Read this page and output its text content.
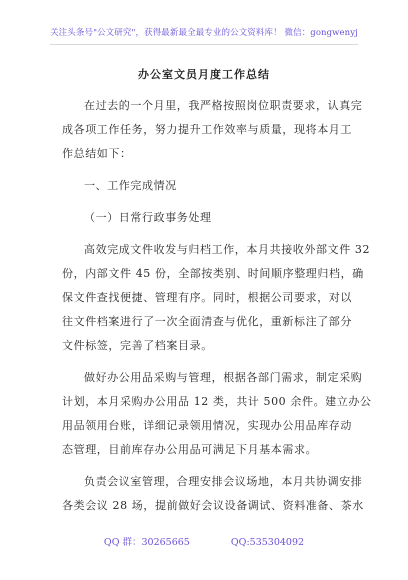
关注头条号"公文研究"，获得最新最全最专业的公文资料库！ 微信：gongwenyj
办公室文员月度工作总结
在过去的一个月里，我严格按照岗位职责要求，认真完
成各项工作任务，努力提升工作效率与质量，现将本月工
作总结如下：
一、工作完成情况
（一）日常行政事务处理
高效完成文件收发与归档工作，本月共接收外部文件 32
份，内部文件 45 份，全部按类别、时间顺序整理归档，确
保文件查找便捷、管理有序。同时，根据公司要求，对以
往文件档案进行了一次全面清查与优化，重新标注了部分
文件标签，完善了档案目录。
做好办公用品采购与管理，根据各部门需求，制定采购
计划，本月采购办公用品 12 类，共计 500 余件。建立办公
用品领用台账，详细记录领用情况，实现办公用品库存动
态管理，目前库存办公用品可满足下月基本需求。
负责会议室管理，合理安排会议场地，本月共协调安排
各类会议 28 场，提前做好会议设备调试、资料准备、茶水
QQ 群：30265665	QQ:535304092
